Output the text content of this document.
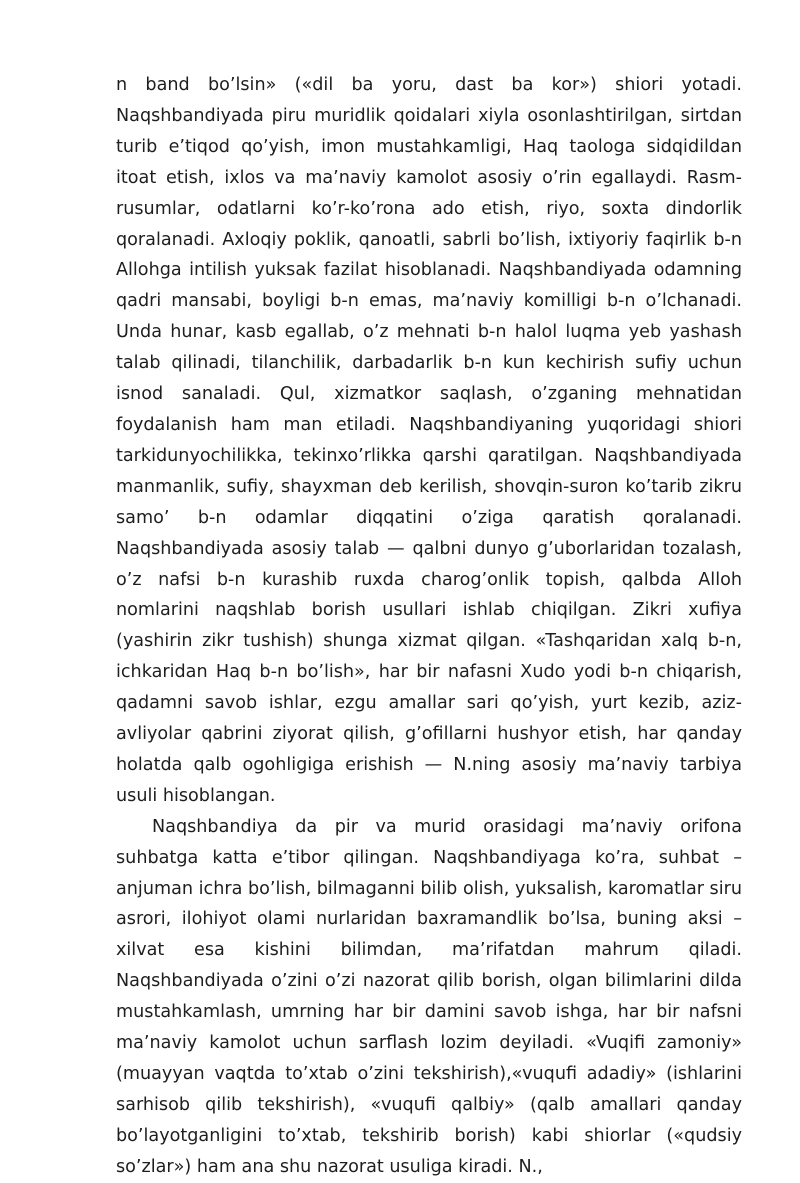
n band bo’lsin» («dil ba yoru, dast ba kor») shiori yotadi. Naqshbandiyada piru muridlik qoidalari xiyla osonlashtirilgan, sirtdan turib e’tiqod qo’yish, imon mustahkamligi, Haq taologa sidqidildan itoat etish, ixlos va ma’naviy kamolot asosiy o’rin egallaydi. Rasm- rusumlar, odatlarni ko’r-ko’rona ado etish, riyo, soxta dindorlik qoralanadi. Axloqiy poklik, qanoatli, sabrli bo’lish, ixtiyoriy faqirlik b-n Allohga intilish yuksak fazilat hisoblanadi. Naqshbandiyada odamning qadri mansabi, boyligi b-n emas, ma’naviy komilligi b-n o’lchanadi. Unda hunar, kasb egallab, o’z mehnati b-n halol luqma yeb yashash talab qilinadi, tilanchilik, darbadarlik b-n kun kechirish sufiy uchun isnod sanaladi. Qul, xizmatkor saqlash, o’zganing mehnatidan foydalanish ham man etiladi. Naqshbandiyaning yuqoridagi shiori tarkidunyochilikka, tekinxo’rlikka qarshi qaratilgan. Naqshbandiyada manmanlik, sufiy, shayxman deb kerilish, shovqin-suron ko’tarib zikru samo’ b-n odamlar diqqatini o’ziga qaratish qoralanadi. Naqshbandiyada asosiy talab — qalbni dunyo g’uborlaridan tozalash, o’z nafsi b-n kurashib ruxda charog’onlik topish, qalbda Alloh nomlarini naqshlab borish usullari ishlab chiqilgan. Zikri xufiya (yashirin zikr tushish) shunga xizmat qilgan. «Tashqaridan xalq b-n, ichkaridan Haq b-n bo’lish», har bir nafasni Xudo yodi b-n chiqarish, qadamni savob ishlar, ezgu amallar sari qo’yish, yurt kezib, aziz-avliyolar qabrini ziyorat qilish, g’ofillarni hushyor etish, har qanday holatda qalb ogohligiga erishish — N.ning asosiy ma’naviy tarbiya usuli hisoblangan.

Naqshbandiya da pir va murid orasidagi ma’naviy orifona suhbatga katta e’tibor qilingan. Naqshbandiyaga ko’ra, suhbat – anjuman ichra bo’lish, bilmaganni bilib olish, yuksalish, karomatlar siru asrori, ilohiyot olami nurlaridan baxramandlik bo’lsa, buning aksi – xilvat esa kishini bilimdan, ma’rifatdan mahrum qiladi. Naqshbandiyada o’zini o’zi nazorat qilib borish, olgan bilimlarini dilda mustahkamlash, umrning har bir damini savob ishga, har bir nafsni ma’naviy kamolot uchun sarflash lozim deyiladi. «Vuqifi zamoniy» (muayyan vaqtda to’xtab o’zini tekshirish),«vuqufi adadiy» (ishlarini sarhisob qilib tekshirish), «vuqufi qalbiy» (qalb amallari qanday bo’layotganligini to’xtab, tekshirib borish) kabi shiorlar («qudsiy so’zlar») ham ana shu nazorat usuliga kiradi. N.,
